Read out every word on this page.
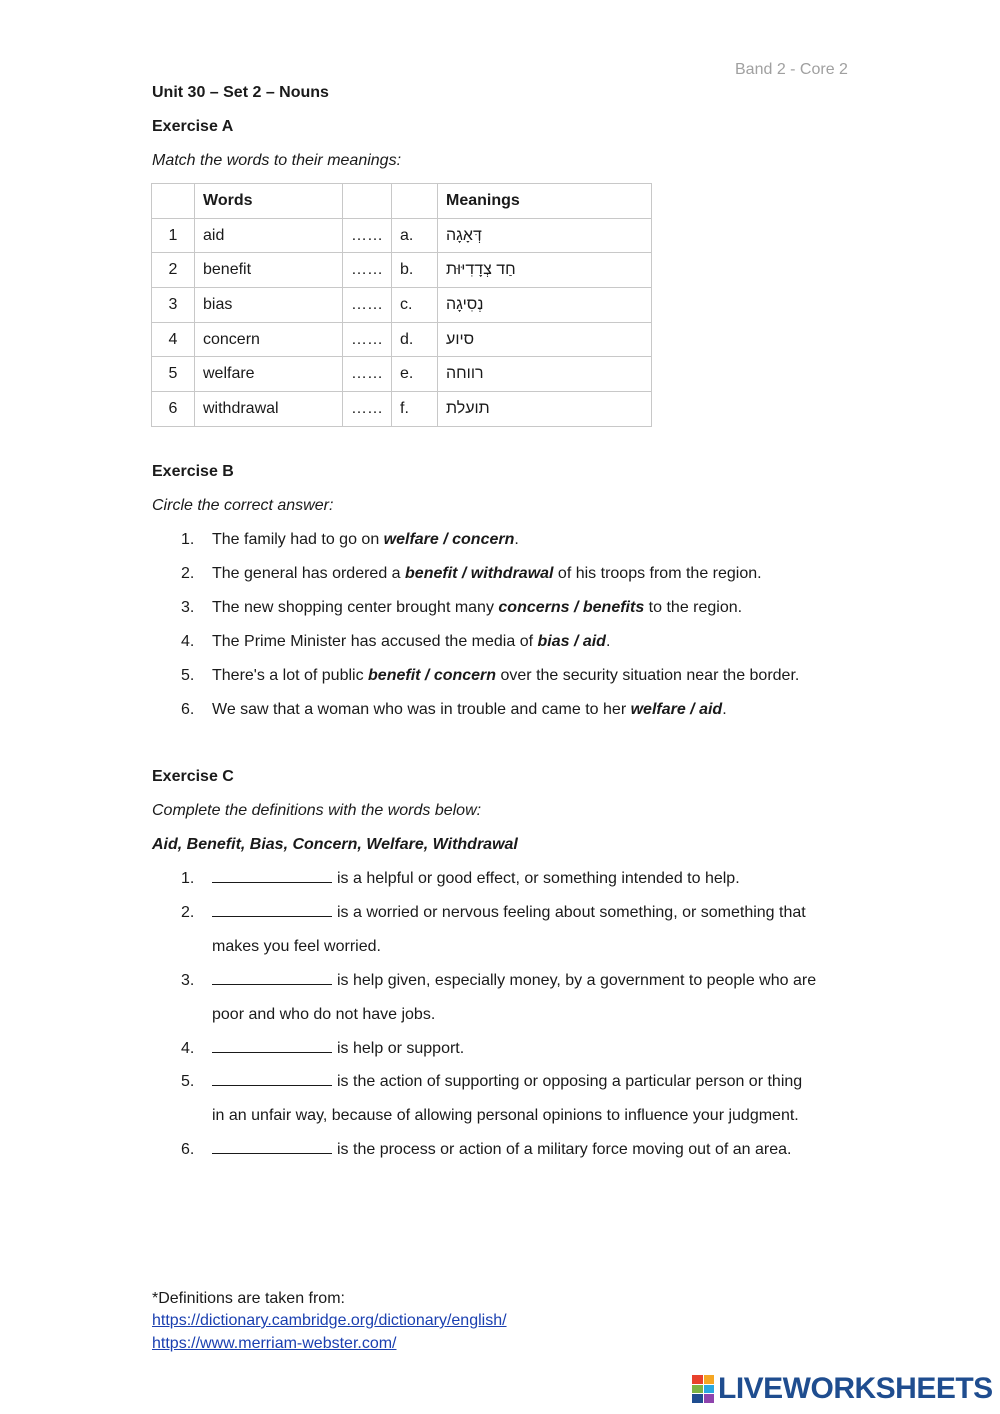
Band 2 - Core 2
Unit 30 – Set 2 – Nouns
Exercise A
Match the words to their meanings:
	Words			Meanings
1	aid	……	a.	דְּאָגָה
2	benefit	……	b.	חַד צְדָדִיּוּת
3	bias	……	c.	נְסִיגָה
4	concern	……	d.	סיוע
5	welfare	……	e.	רווחה
6	withdrawal	……	f.	תועלת
Exercise B
Circle the correct answer:
1.	The family had to go on welfare / concern.
2.	The general has ordered a benefit / withdrawal of his troops from the region.
3.	The new shopping center brought many concerns / benefits to the region.
4.	The Prime Minister has accused the media of bias / aid.
5.	There's a lot of public benefit / concern over the security situation near the border.
6.	We saw that a woman who was in trouble and came to her welfare / aid.
Exercise C
Complete the definitions with the words below:
Aid, Benefit, Bias, Concern, Welfare, Withdrawal
1.	is a helpful or good effect, or something intended to help.
2.	is a worried or nervous feeling about something, or something that
makes you feel worried.
3.	is help given, especially money, by a government to people who are
poor and who do not have jobs.
4.	is help or support.
5.	is the action of supporting or opposing a particular person or thing
in an unfair way, because of allowing personal opinions to influence your judgment.
6.	is the process or action of a military force moving out of an area.
*Definitions are taken from:
https://dictionary.cambridge.org/dictionary/english/
https://www.merriam-webster.com/
LIVEWORKSHEETS
